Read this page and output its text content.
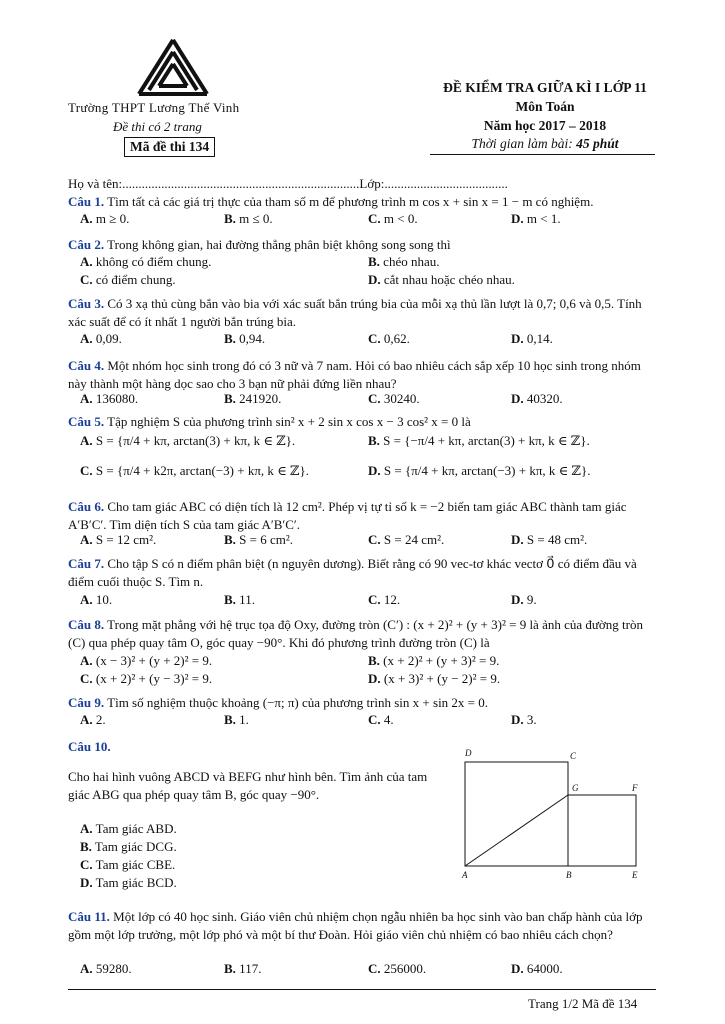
Trường THPT Lương Thế Vinh
Đề thi có 2 trang
Mã đề thi 134
ĐỀ KIỂM TRA GIỮA KÌ I LỚP 11
Môn Toán
Năm học 2017 – 2018
Thời gian làm bài: 45 phút
Họ và tên:.........................................................................Lớp:......................................
Câu 1. Tìm tất cả các giá trị thực của tham số m để phương trình m cos x + sin x = 1 − m có nghiệm.
A. m ≥ 0.	B. m ≤ 0.	C. m < 0.	D. m < 1.
Câu 2. Trong không gian, hai đường thẳng phân biệt không song song thì
A. không có điểm chung.	B. chéo nhau.
C. có điểm chung.	D. cắt nhau hoặc chéo nhau.
Câu 3. Có 3 xạ thủ cùng bắn vào bia với xác suất bắn trúng bia của mỗi xạ thủ lần lượt là 0,7; 0,6 và 0,5. Tính xác suất để có ít nhất 1 người bắn trúng bia.
A. 0,09.	B. 0,94.	C. 0,62.	D. 0,14.
Câu 4. Một nhóm học sinh trong đó có 3 nữ và 7 nam. Hỏi có bao nhiêu cách sắp xếp 10 học sinh trong nhóm này thành một hàng dọc sao cho 3 bạn nữ phải đứng liền nhau?
A. 136080.	B. 241920.	C. 30240.	D. 40320.
Câu 5. Tập nghiệm S của phương trình sin² x + 2 sin x cos x − 3 cos² x = 0 là
A. S = {π/4 + kπ, arctan(3) + kπ, k ∈ ℤ}.	B. S = {−π/4 + kπ, arctan(3) + kπ, k ∈ ℤ}.
C. S = {π/4 + k2π, arctan(−3) + kπ, k ∈ ℤ}.	D. S = {π/4 + kπ, arctan(−3) + kπ, k ∈ ℤ}.
Câu 6. Cho tam giác ABC có diện tích là 12 cm². Phép vị tự tỉ số k = −2 biến tam giác ABC thành tam giác A′B′C′. Tìm diện tích S của tam giác A′B′C′.
A. S = 12 cm².	B. S = 6 cm².	C. S = 24 cm².	D. S = 48 cm².
Câu 7. Cho tập S có n điểm phân biệt (n nguyên dương). Biết rằng có 90 vec-tơ khác vectơ 0⃗ có điểm đầu và điểm cuối thuộc S. Tìm n.
A. 10.	B. 11.	C. 12.	D. 9.
Câu 8. Trong mặt phẳng với hệ trục tọa độ Oxy, đường tròn (C′) : (x + 2)² + (y + 3)² = 9 là ảnh của đường tròn (C) qua phép quay tâm O, góc quay −90°. Khi đó phương trình đường tròn (C) là
A. (x − 3)² + (y + 2)² = 9.	B. (x + 2)² + (y + 3)² = 9.
C. (x + 2)² + (y − 3)² = 9.	D. (x + 3)² + (y − 2)² = 9.
Câu 9. Tìm số nghiệm thuộc khoảng (−π; π) của phương trình sin x + sin 2x = 0.
A. 2.	B. 1.	C. 4.	D. 3.
Câu 10.
Cho hai hình vuông ABCD và BEFG như hình bên. Tìm ảnh của tam giác ABG qua phép quay tâm B, góc quay −90°.
A. Tam giác ABD.
B. Tam giác DCG.
C. Tam giác CBE.
D. Tam giác BCD.
Câu 11. Một lớp có 40 học sinh. Giáo viên chủ nhiệm chọn ngẫu nhiên ba học sinh vào ban chấp hành của lớp gồm một lớp trưởng, một lớp phó và một bí thư Đoàn. Hỏi giáo viên chủ nhiệm có bao nhiêu cách chọn?
A. 59280.	B. 117.	C. 256000.	D. 64000.
D	C
G	F
A	B	E
Trang 1/2 Mã đề 134
